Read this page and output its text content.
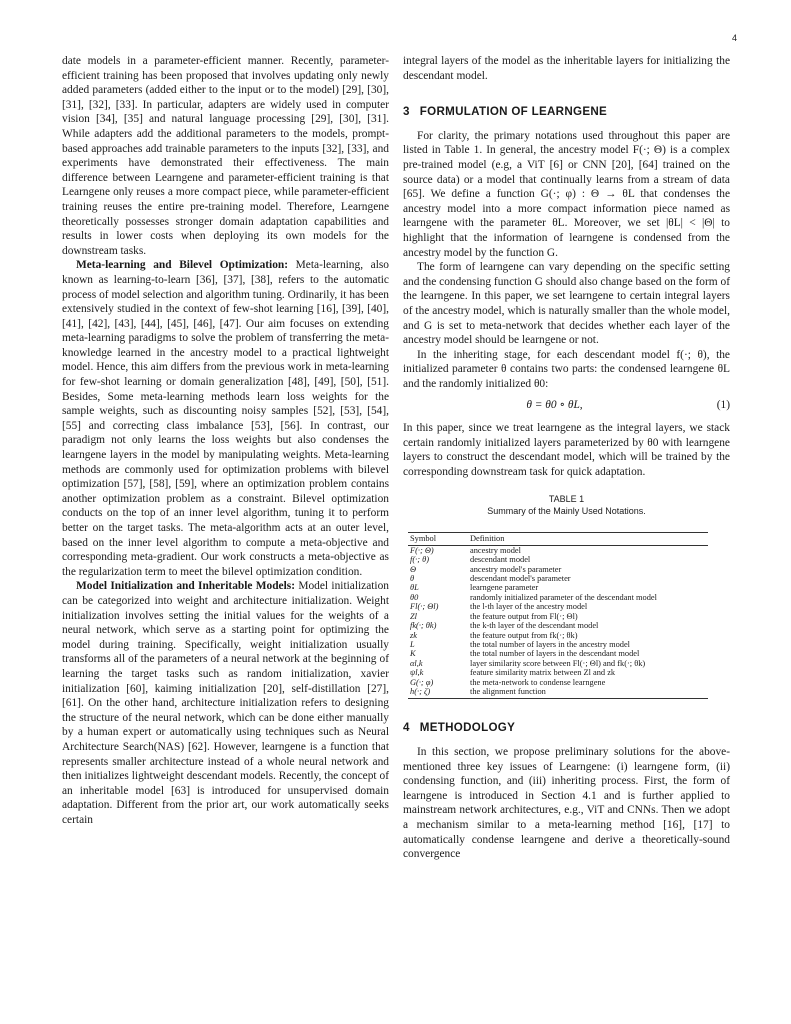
4

date models in a parameter-efficient manner. Recently, parameter-efficient training has been proposed that involves updating only newly added parameters (added either to the input or to the model) [29], [30], [31], [32], [33]. In particular, adapters are widely used in computer vision [34], [35] and natural language processing [29], [30], [31]. While adapters add the additional parameters to the models, prompt-based approaches add trainable parameters to the inputs [32], [33], and experiments have demonstrated their effectiveness. The main difference between Learngene and parameter-efficient training is that Learngene only reuses a more compact piece, while parameter-efficient training reuses the entire pre-training model. Therefore, Learngene theoretically possesses stronger domain adaptation capabilities and results in lower costs when deploying its own models for the downstream tasks.

Meta-learning and Bilevel Optimization: Meta-learning, also known as learning-to-learn [36], [37], [38], refers to the automatic process of model selection and algorithm tuning. Ordinarily, it has been extensively studied in the context of few-shot learning [16], [39], [40], [41], [42], [43], [44], [45], [46], [47]. Our aim focuses on extending meta-learning paradigms to solve the problem of transferring the meta-knowledge learned in the ancestry model to a practical lightweight model. Hence, this aim differs from the previous work in meta-learning for few-shot learning or domain generalization [48], [49], [50], [51]. Besides, Some meta-learning methods learn loss weights for the sample weights, such as discounting noisy samples [52], [53], [54], [55] and correcting class imbalance [53], [56]. In contrast, our paradigm not only learns the loss weights but also condenses the learngene layers in the model by manipulating weights. Meta-learning methods are commonly used for optimization problems with bilevel optimization [57], [58], [59], where an optimization problem contains another optimization problem as a constraint. Bilevel optimization conducts on the top of an inner level algorithm, tuning it to perform better on the target tasks. The meta-algorithm acts at an outer level, based on the inner level algorithm to compute a meta-objective and corresponding meta-gradient. Our work constructs a meta-objective as the regularization term to meet the bilevel optimization condition.

Model Initialization and Inheritable Models: Model initialization can be categorized into weight and architecture initialization. Weight initialization involves setting the initial values for the weights of a neural network, which serve as a starting point for optimizing the model during training. Specifically, weight initialization usually transforms all of the parameters of a neural network at the beginning of learning the target tasks such as random initialization, xavier initialization [60], kaiming initialization [20], self-distillation [27], [61]. On the other hand, architecture initialization refers to designing the structure of the neural network, which can be done either manually by a human expert or automatically using techniques such as Neural Architecture Search(NAS) [62]. However, learngene is a function that represents smaller architecture instead of a whole neural network and then initializes lightweight descendant models. Recently, the concept of an inheritable model [63] is introduced for unsupervised domain adaptation. Different from the prior art, our work automatically seeks certain

integral layers of the model as the inheritable layers for initializing the descendant model.

3 FORMULATION OF LEARNGENE

For clarity, the primary notations used throughout this paper are listed in Table 1. In general, the ancestry model F(·; Θ) is a complex pre-trained model (e.g, a ViT [6] or CNN [20], [64] trained on the source data) or a model that continually learns from a stream of data [65]. We define a function G(·; φ) : Θ → θL that condenses the ancestry model into a more compact information piece named as learngene with the parameter θL. Moreover, we set |θL| < |Θ| to highlight that the information of learngene is condensed from the ancestry model by the function G.

The form of learngene can vary depending on the specific setting and the condensing function G should also change based on the form of the learngene. In this paper, we set learngene to certain integral layers of the ancestry model, which is naturally smaller than the whole model, and G is set to meta-network that decides whether each layer of the ancestry model should be learngene or not.

In the inheriting stage, for each descendant model f(·; θ), the initialized parameter θ contains two parts: the condensed learngene θL and the randomly initialized θ0:

θ = θ0 ∘ θL,	(1)

In this paper, since we treat learngene as the integral layers, we stack certain randomly initialized layers parameterized by θ0 with learngene layers to construct the descendant model, which will be trained by the corresponding downstream task for quick adaptation.

TABLE 1
Summary of the Mainly Used Notations.
Symbol	Definition
F(·; Θ)	ancestry model
f(·; θ)	descendant model
Θ	ancestry model's parameter
θ	descendant model's parameter
θL	learngene parameter
θ0	randomly initialized parameter of the descendant model
Fl(·; Θl)	the l-th layer of the ancestry model
Zl	the feature output from Fl(·; Θl)
fk(·; θk)	the k-th layer of the descendant model
zk	the feature output from fk(·; θk)
L	the total number of layers in the ancestry model
K	the total number of layers in the descendant model
αl,k	layer similarity score between Fl(·; Θl) and fk(·; θk)
ψl,k	feature similarity matrix between Zl and zk
G(·; φ)	the meta-network to condense learngene
h(·; ζ)	the alignment function
4 METHODOLOGY

In this section, we propose preliminary solutions for the above-mentioned three key issues of Learngene: (i) learngene form, (ii) condensing function, and (iii) inheriting process. First, the form of learngene is introduced in Section 4.1 and is further applied to mainstream network architectures, e.g., ViT and CNNs. Then we adopt a mechanism similar to a meta-learning method [16], [17] to automatically condense learngene and derive a theoretically-sound convergence
